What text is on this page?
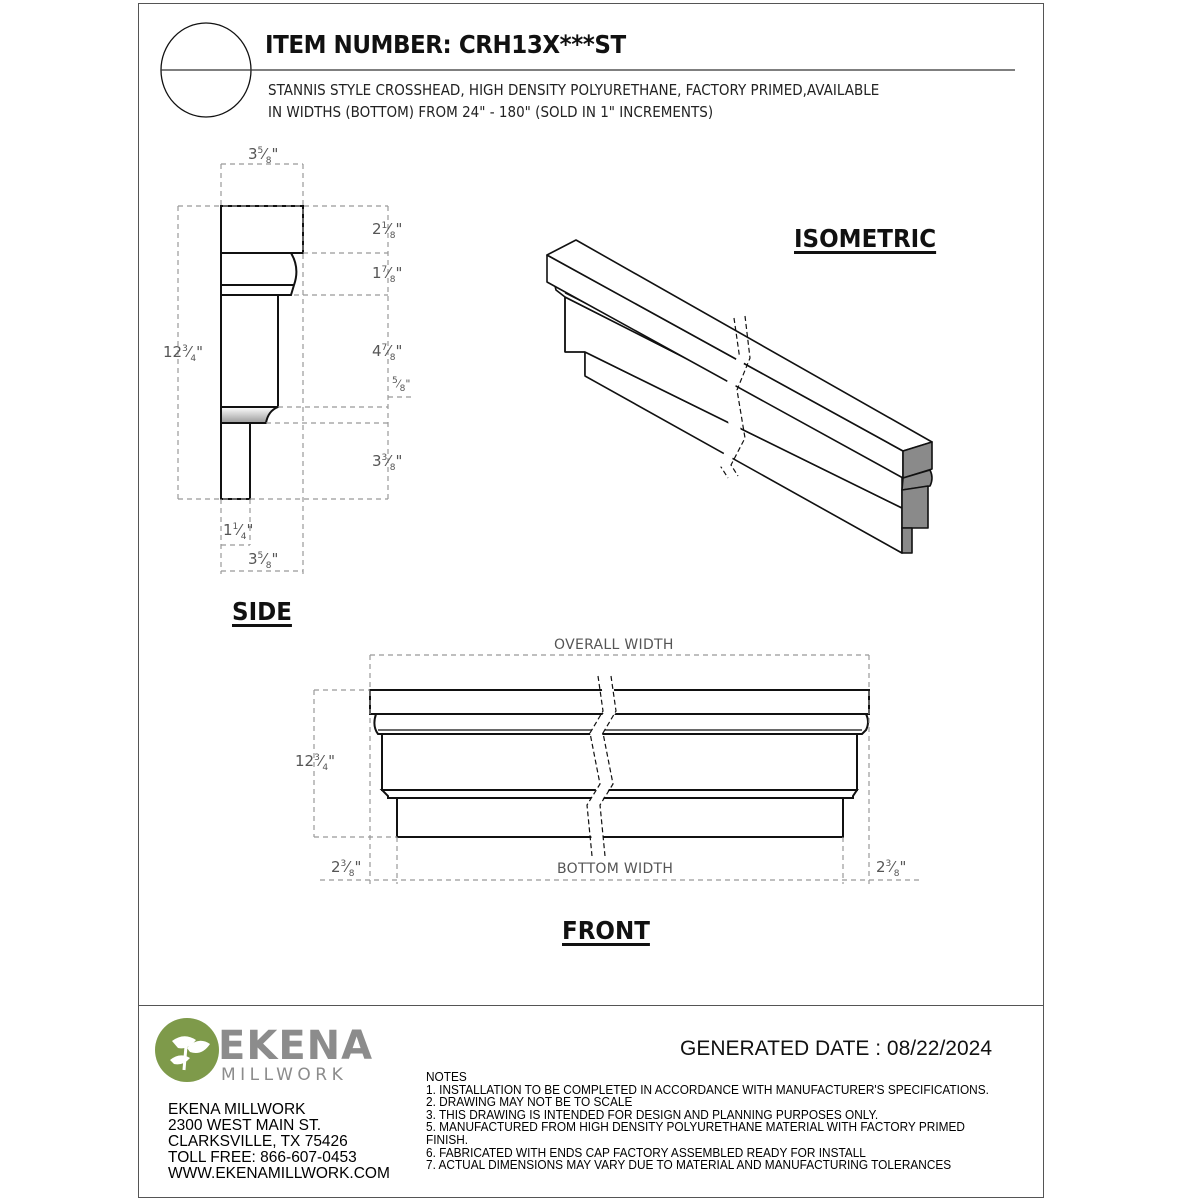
ITEM NUMBER: CRH13X***ST
STANNIS STYLE CROSSHEAD, HIGH DENSITY POLYURETHANE, FACTORY PRIMED,AVAILABLE
IN WIDTHS (BOTTOM) FROM 24" - 180" (SOLD IN 1" INCREMENTS)
$3^5⁄_8$"
$2^1⁄_8$"
$1^7⁄_8$"
$12^3⁄_4$"	$4^7⁄_8$"
$^5⁄_8$"
$3^3⁄_8$"
$1^1⁄_4$"
$3^5⁄_8$"
SIDE
ISOMETRIC
OVERALL WIDTH
$12^3⁄_4$"
$2^3⁄_8$"	BOTTOM WIDTH	$2^3⁄_8$"
FRONT
EKENA
MILLWORK
EKENA MILLWORK
2300 WEST MAIN ST.
CLARKSVILLE, TX 75426
TOLL FREE: 866-607-0453
WWW.EKENAMILLWORK.COM
GENERATED DATE : 08/22/2024
NOTES
1. INSTALLATION TO BE COMPLETED IN ACCORDANCE WITH MANUFACTURER'S SPECIFICATIONS.
2. DRAWING MAY NOT BE TO SCALE
3. THIS DRAWING IS INTENDED FOR DESIGN AND PLANNING PURPOSES ONLY.
5. MANUFACTURED FROM HIGH DENSITY POLYURETHANE MATERIAL WITH FACTORY PRIMED
FINISH.
6. FABRICATED WITH ENDS CAP FACTORY ASSEMBLED READY FOR INSTALL
7. ACTUAL DIMENSIONS MAY VARY DUE TO MATERIAL AND MANUFACTURING TOLERANCES
